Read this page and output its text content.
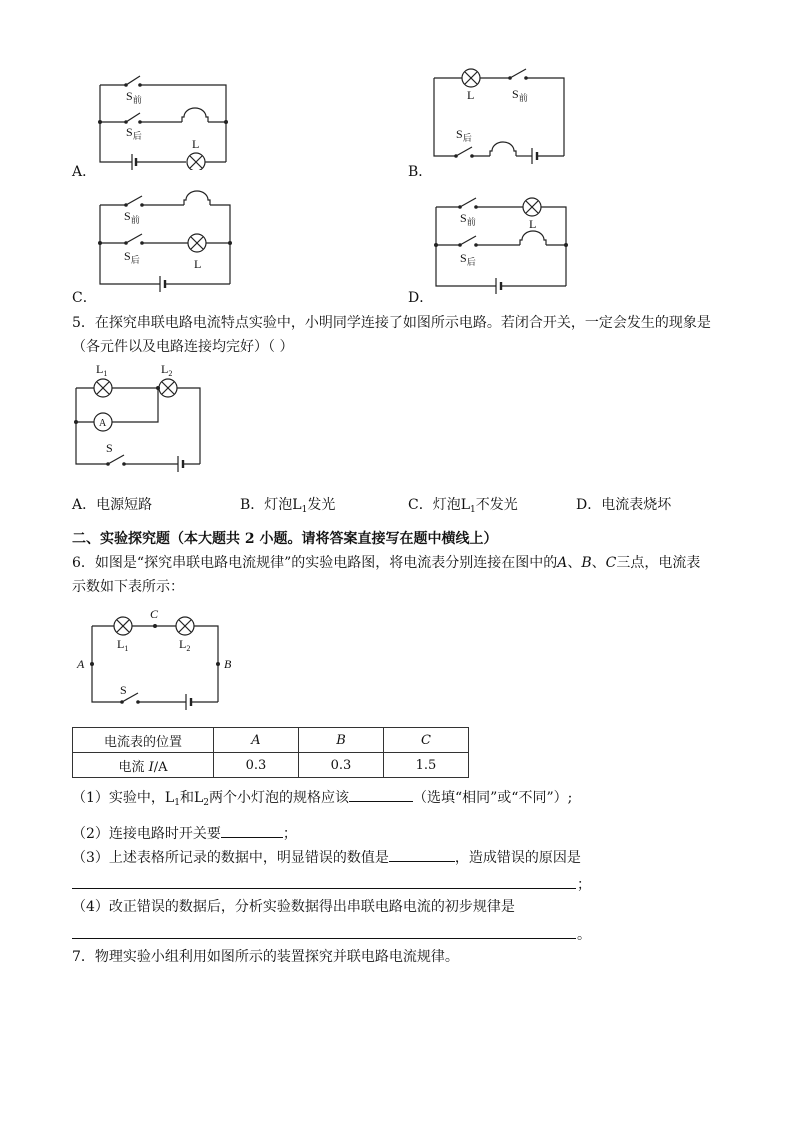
$S_前$
$S_后$
L
A．
L	$S_前$
$S_后$
B．
$S_前$
$S_后$	L
C．
$S_前$	L
$S_后$
D．
5．在探究串联电路电流特点实验中，小明同学连接了如图所示电路。若闭合开关，一定会发生的现象是
（各元件以及电路连接均完好）（ ）
A
$L_1$	$L_2$
S
A．电源短路	B．灯泡$L_1$发光	C．灯泡$L_1$不发光	D．电流表烧坏
二、实验探究题（本大题共 2 小题。请将答案直接写在题中横线上）
6．如图是“探究串联电路电流规律”的实验电路图，将电流表分别连接在图中的A、B、C三点，电流表
示数如下表所示：
C
A	B
$L_1$	$L_2$
S
电流表的位置	A	B	C
电流 I/A	0.3	0.3	1.5
（1）实验中，$L_1$和$L_2$两个小灯泡的规格应该	（选填“相同”或“不同”）;
（2）连接电路时开关要	；
（3）上述表格所记录的数据中，明显错误的数值是	，造成错误的原因是
；
（4）改正错误的数据后，分析实验数据得出串联电路电流的初步规律是
。
7．物理实验小组利用如图所示的装置探究并联电路电流规律。
